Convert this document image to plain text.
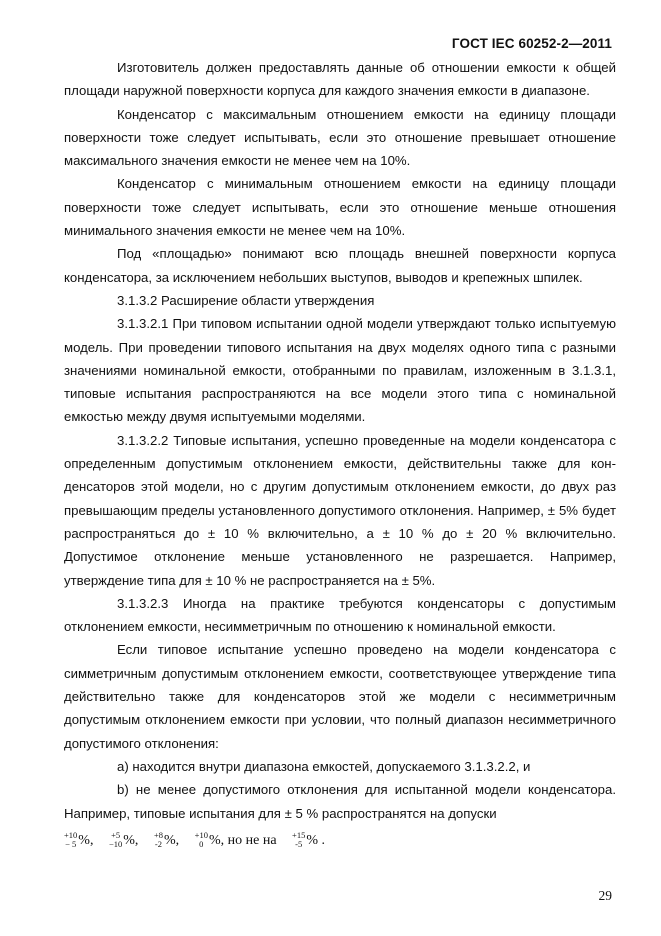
ГОСТ IEC 60252-2—2011

Изготовитель должен предоставлять данные об отношении емкости к общей площади наружной поверхности корпуса для каждого значения емкости в диапазоне.

Конденсатор с максимальным отношением емкости на единицу площади поверхности тоже следует испытывать, если это отношение превышает отношение максимального значения емкости не менее чем на 10%.

Конденсатор с минимальным отношением емкости на единицу площади поверхности тоже следует испытывать, если это отношение меньше отношения минимального значения емкости не менее чем на 10%.

Под «площадью» понимают всю площадь внешней поверхности корпуса конденсатора, за исключением небольших выступов, выводов и крепежных шпилек.

3.1.3.2 Расширение области утверждения

3.1.3.2.1 При типовом испытании одной модели утверждают только испытуемую модель. При проведении типового испытания на двух моделях одного типа с разными значениями номинальной емкости, отобранными по правилам, изложенным в 3.1.3.1, типовые испытания распространяются на все модели этого типа с номинальной емкостью между двумя испытуемыми моделями.

3.1.3.2.2 Типовые испытания, успешно проведенные на модели конденсатора с определенным допустимым отклонением емкости, действительны также для конденсаторов этой модели, но с другим допустимым отклонением емкости, до двух раз превышающим пределы установленного допустимого отклонения. Например, ± 5% будет распространяться до ± 10 % включительно, а ± 10 % до ± 20 % включительно. Допустимое отклонение меньше установленного не разрешается. Например, утверждение типа для ± 10 % не распространяется на ± 5%.

3.1.3.2.3 Иногда на практике требуются конденсаторы с допустимым отклонением емкости, несимметричным по отношению к номинальной емкости.

Если типовое испытание успешно проведено на модели конденсатора с симметричным допустимым отклонением емкости, соответствующее утверждение типа действительно также для конденсаторов этой же модели с несимметричным допустимым отклонением емкости при условии, что полный диапазон несимметричного допустимого отклонения:

a) находится внутри диапазона емкостей, допускаемого 3.1.3.2.2, и

b) не менее допустимого отклонения для испытанной модели конденсатора. Например, типовые испытания для ± 5 % распространятся на допуски

+10
− 5 %, +5
−10 %, +8
-2 %, +10
0 %, но не на +15
-5 % .
29
